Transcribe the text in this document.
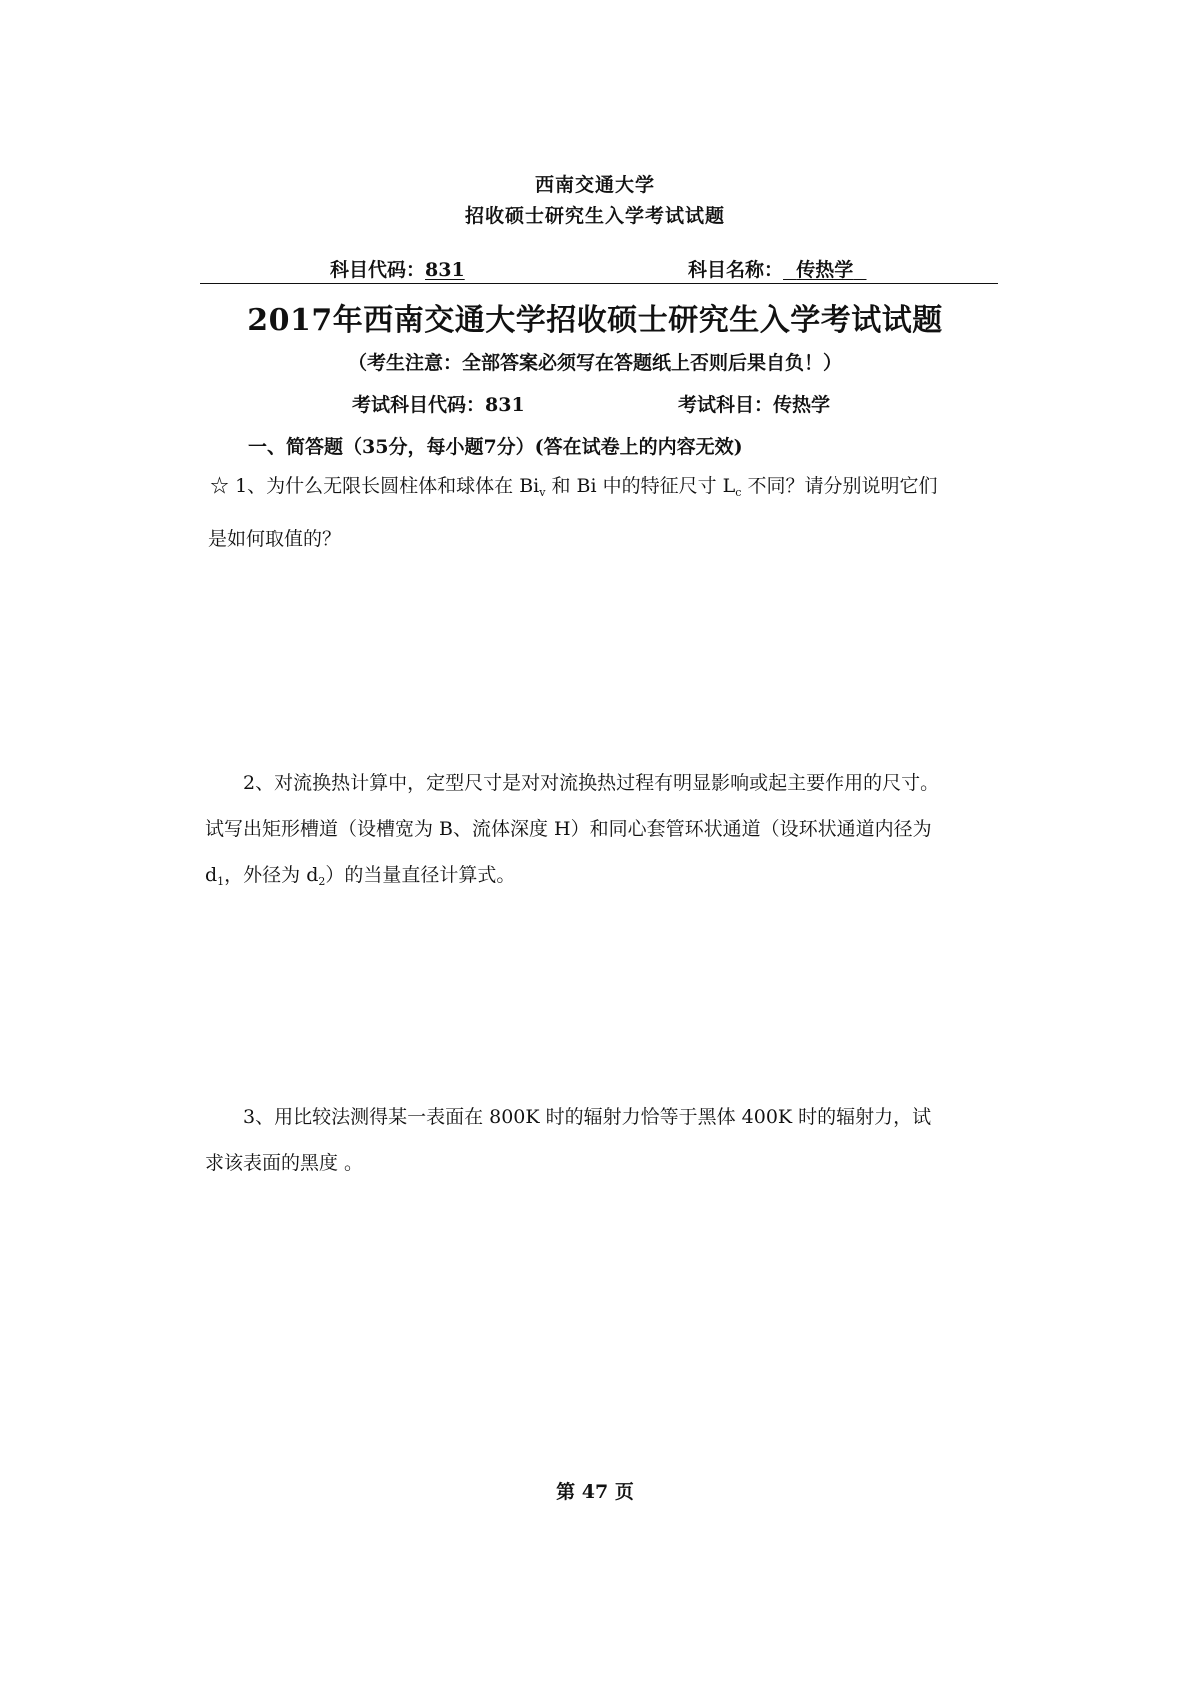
西南交通大学
招收硕士研究生入学考试试题
科目代码：831	科目名称： 传热学
2017年西南交通大学招收硕士研究生入学考试试题
（考生注意：全部答案必须写在答题纸上否则后果自负！）
考试科目代码：831	考试科目：传热学
一、简答题（35分，每小题7分）(答在试卷上的内容无效)
☆ 1、为什么无限长圆柱体和球体在 $Bi_v$ 和 Bi 中的特征尺寸 $L_c$ 不同？请分别说明它们
是如何取值的？
2、对流换热计算中，定型尺寸是对对流换热过程有明显影响或起主要作用的尺寸。
试写出矩形槽道（设槽宽为 B、流体深度 H）和同心套管环状通道（设环状通道内径为
$d_1$，外径为 $d_2$）的当量直径计算式。
3、用比较法测得某一表面在 800K 时的辐射力恰等于黑体 400K 时的辐射力，试
求该表面的黑度 。
第 47 页
